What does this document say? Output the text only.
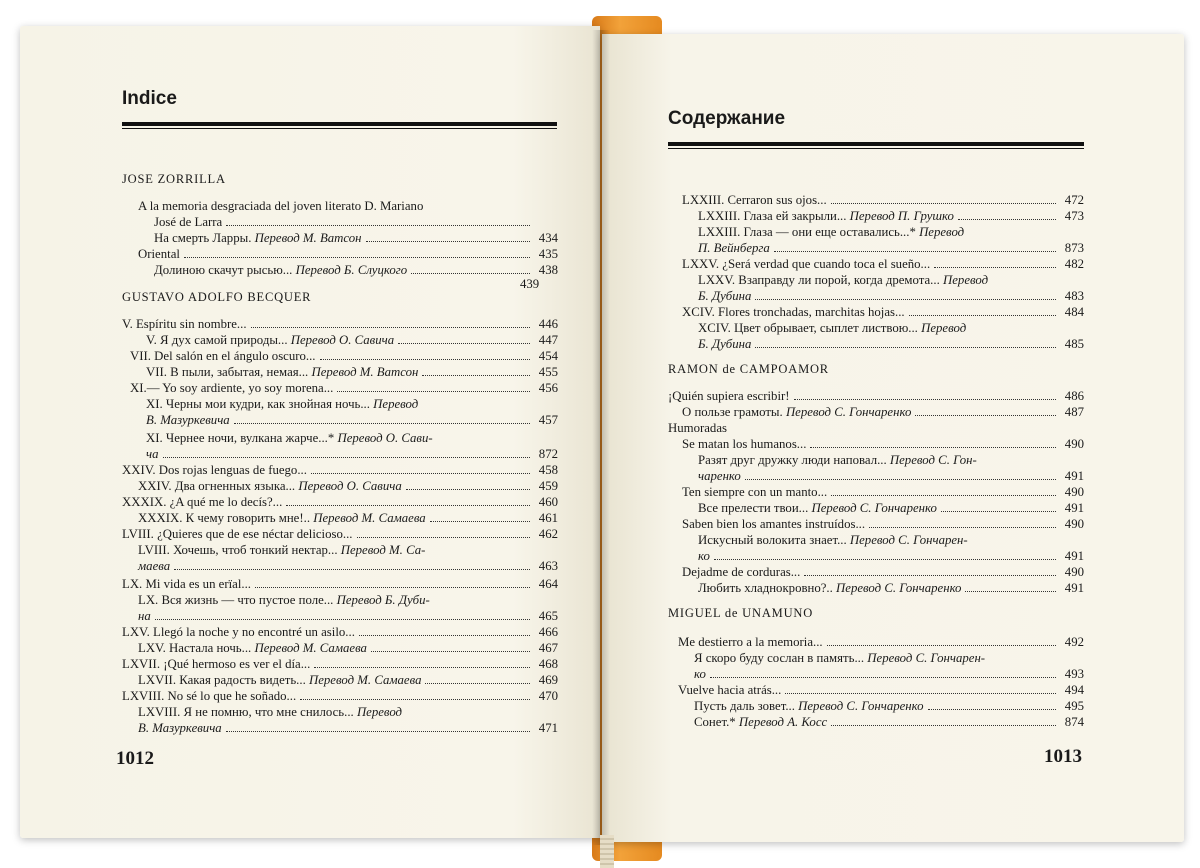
Indice
JOSE ZORRILLA
GUSTAVO ADOLFO BECQUER
A la memoria desgraciada del joven literato D. Mariano
José de Larra
На смерть Ларры. Перевод М. Ватсон	434
Oriental	435
Долиною скачут рысью... Перевод Б. Слуцкого	438
439
V. Espíritu sin nombre...	446
V. Я дух самой природы... Перевод О. Савича	447
VII. Del salón en el ángulo oscuro...	454
VII. В пыли, забытая, немая... Перевод М. Ватсон	455
XI.— Yo soy ardiente, yo soy morena...	456
XI. Черны мои кудри, как знойная ночь... Перевод
В. Мазуркевича	457
XI. Чернее ночи, вулкана жарче...* Перевод О. Сави-
ча	872
XXIV. Dos rojas lenguas de fuego...	458
XXIV. Два огненных языка... Перевод О. Савича	459
XXXIX. ¿A qué me lo decís?...	460
XXXIX. К чему говорить мне!.. Перевод М. Самаева	461
LVIII. ¿Quieres que de ese néctar delicioso...	462
LVIII. Хочешь, чтоб тонкий нектар... Перевод М. Са-
маева	463
LX. Mi vida es un erïal...	464
LX. Вся жизнь — что пустое поле... Перевод Б. Дуби-
на	465
LXV. Llegó la noche y no encontré un asilo...	466
LXV. Настала ночь... Перевод М. Самаева	467
LXVII. ¡Qué hermoso es ver el día...	468
LXVII. Какая радость видеть... Перевод М. Самаева	469
LXVIII. No sé lo que he soñado...	470
LXVIII. Я не помню, что мне снилось... Перевод
В. Мазуркевича	471
1012
Содержание
LXXIII. Cerraron sus ojos...	472
LXXIII. Глаза ей закрыли... Перевод П. Грушко	473
LXXIII. Глаза — они еще оставались...* Перевод
П. Вейнберга	873
LXXV. ¿Será verdad que cuando toca el sueño...	482
LXXV. Взаправду ли порой, когда дремота... Перевод
Б. Дубина	483
XCIV. Flores tronchadas, marchitas hojas...	484
XCIV. Цвет обрывает, сыплет листвою... Перевод
Б. Дубина	485
RAMON de CAMPOAMOR
¡Quién supiera escribir!	486
О пользе грамоты. Перевод С. Гончаренко	487
Humoradas
Se matan los humanos...	490
Разят друг дружку люди наповал... Перевод С. Гон-
чаренко	491
Ten siempre con un manto...	490
Все прелести твои... Перевод С. Гончаренко	491
Saben bien los amantes instruídos...	490
Искусный волокита знает... Перевод С. Гончарен-
ко	491
Dejadme de corduras...	490
Любить хладнокровно?.. Перевод С. Гончаренко	491
MIGUEL de UNAMUNO
Me destierro a la memoria...	492
Я скоро буду сослан в память... Перевод С. Гончарен-
ко	493
Vuelve hacia atrás...	494
Пусть даль зовет... Перевод С. Гончаренко	495
Сонет.* Перевод А. Косс	874
1013
